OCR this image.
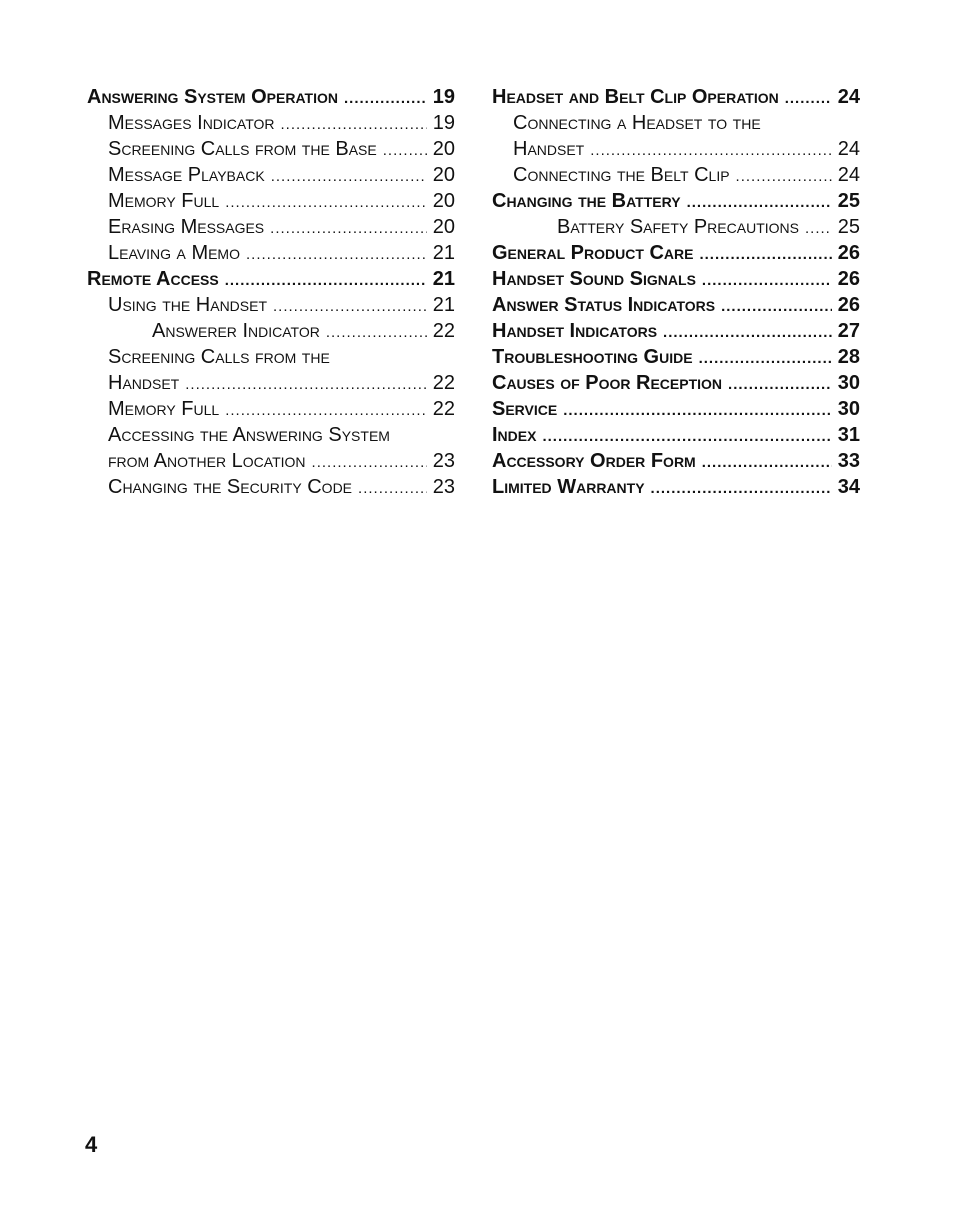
Answering System Operation .....	19
Messages Indicator .....	19
Screening Calls from the Base .....	20
Message Playback .....	20
Memory Full .....	20
Erasing Messages .....	20
Leaving a Memo .....	21
Remote Access .....	21
Using the Handset .....	21
Answerer Indicator .....	22
Screening Calls from the
Handset .....	22
Memory Full .....	22
Accessing the Answering System
from Another Location .....	23
Changing the Security Code .....	23
Headset and Belt Clip Operation .....	24
Connecting a Headset to the
Handset .....	24
Connecting the Belt Clip .....	24
Changing the Battery .....	25
Battery Safety Precautions ..... 25
General Product Care .....	26
Handset Sound Signals .....	26
Answer Status Indicators .....	26
Handset Indicators .....	27
Troubleshooting Guide .....	28
Causes of Poor Reception .....	30
Service .....	30
Index .....	31
Accessory Order Form .....	33
Limited Warranty .....	34
4
